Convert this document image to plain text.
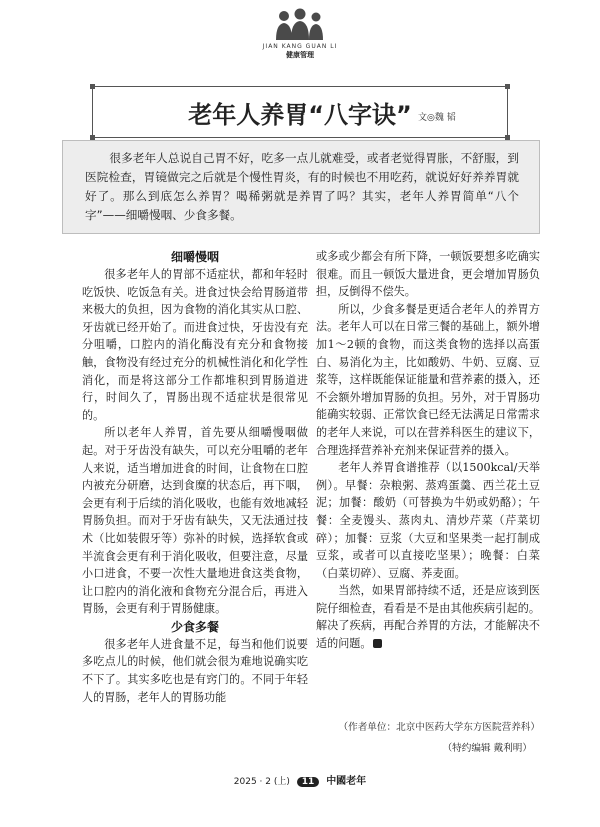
JIAN KANG GUAN LI
健康管理
老年人养胃“八字诀” 文◎魏 韬

很多老年人总说自己胃不好，吃多一点儿就难受，或者老觉得胃胀，不舒服，到医院检查，胃镜做完之后就是个慢性胃炎，有的时候也不用吃药，就说好好养养胃就好了。那么到底怎么养胃？喝稀粥就是养胃了吗？其实，老年人养胃简单“八个字”——细嚼慢咽、少食多餐。

细嚼慢咽

很多老年人的胃部不适症状，都和年轻时吃饭快、吃饭急有关。进食过快会给胃肠道带来极大的负担，因为食物的消化其实从口腔、牙齿就已经开始了。而进食过快，牙齿没有充分咀嚼，口腔内的消化酶没有充分和食物接触，食物没有经过充分的机械性消化和化学性消化，而是将这部分工作都堆积到胃肠道进行，时间久了，胃肠出现不适症状是很常见的。

所以老年人养胃，首先要从细嚼慢咽做起。对于牙齿没有缺失，可以充分咀嚼的老年人来说，适当增加进食的时间，让食物在口腔内被充分研磨，达到食糜的状态后，再下咽，会更有利于后续的消化吸收，也能有效地减轻胃肠负担。而对于牙齿有缺失，又无法通过技术（比如装假牙等）弥补的时候，选择软食或半流食会更有利于消化吸收，但要注意，尽量小口进食，不要一次性大量地进食这类食物，让口腔内的消化液和食物充分混合后，再进入胃肠，会更有利于胃肠健康。

少食多餐

很多老年人进食量不足，每当和他们说要多吃点儿的时候，他们就会很为难地说确实吃不下了。其实多吃也是有窍门的。不同于年轻人的胃肠，老年人的胃肠功能

或多或少都会有所下降，一顿饭要想多吃确实很难。而且一顿饭大量进食，更会增加胃肠负担，反倒得不偿失。

所以，少食多餐是更适合老年人的养胃方法。老年人可以在日常三餐的基础上，额外增加1～2顿的食物，而这类食物的选择以高蛋白、易消化为主，比如酸奶、牛奶、豆腐、豆浆等，这样既能保证能量和营养素的摄入，还不会额外增加胃肠的负担。另外，对于胃肠功能确实较弱、正常饮食已经无法满足日常需求的老年人来说，可以在营养科医生的建议下，合理选择营养补充剂来保证营养的摄入。

老年人养胃食谱推荐（以1500kcal/天举例）。早餐：杂粮粥、蒸鸡蛋羹、西兰花土豆泥；加餐：酸奶（可替换为牛奶或奶酪）；午餐：全麦馒头、蒸肉丸、清炒芹菜（芹菜切碎）；加餐：豆浆（大豆和坚果类一起打制成豆浆，或者可以直接吃坚果）；晚餐：白菜（白菜切碎）、豆腐、荞麦面。

当然，如果胃部持续不适，还是应该到医院仔细检查，看看是不是由其他疾病引起的。解决了疾病，再配合养胃的方法，才能解决不适的问题。

（作者单位：北京中医药大学东方医院营养科）
（特约编辑 戴利明）
2025 · 2 (上) 11 中國老年
